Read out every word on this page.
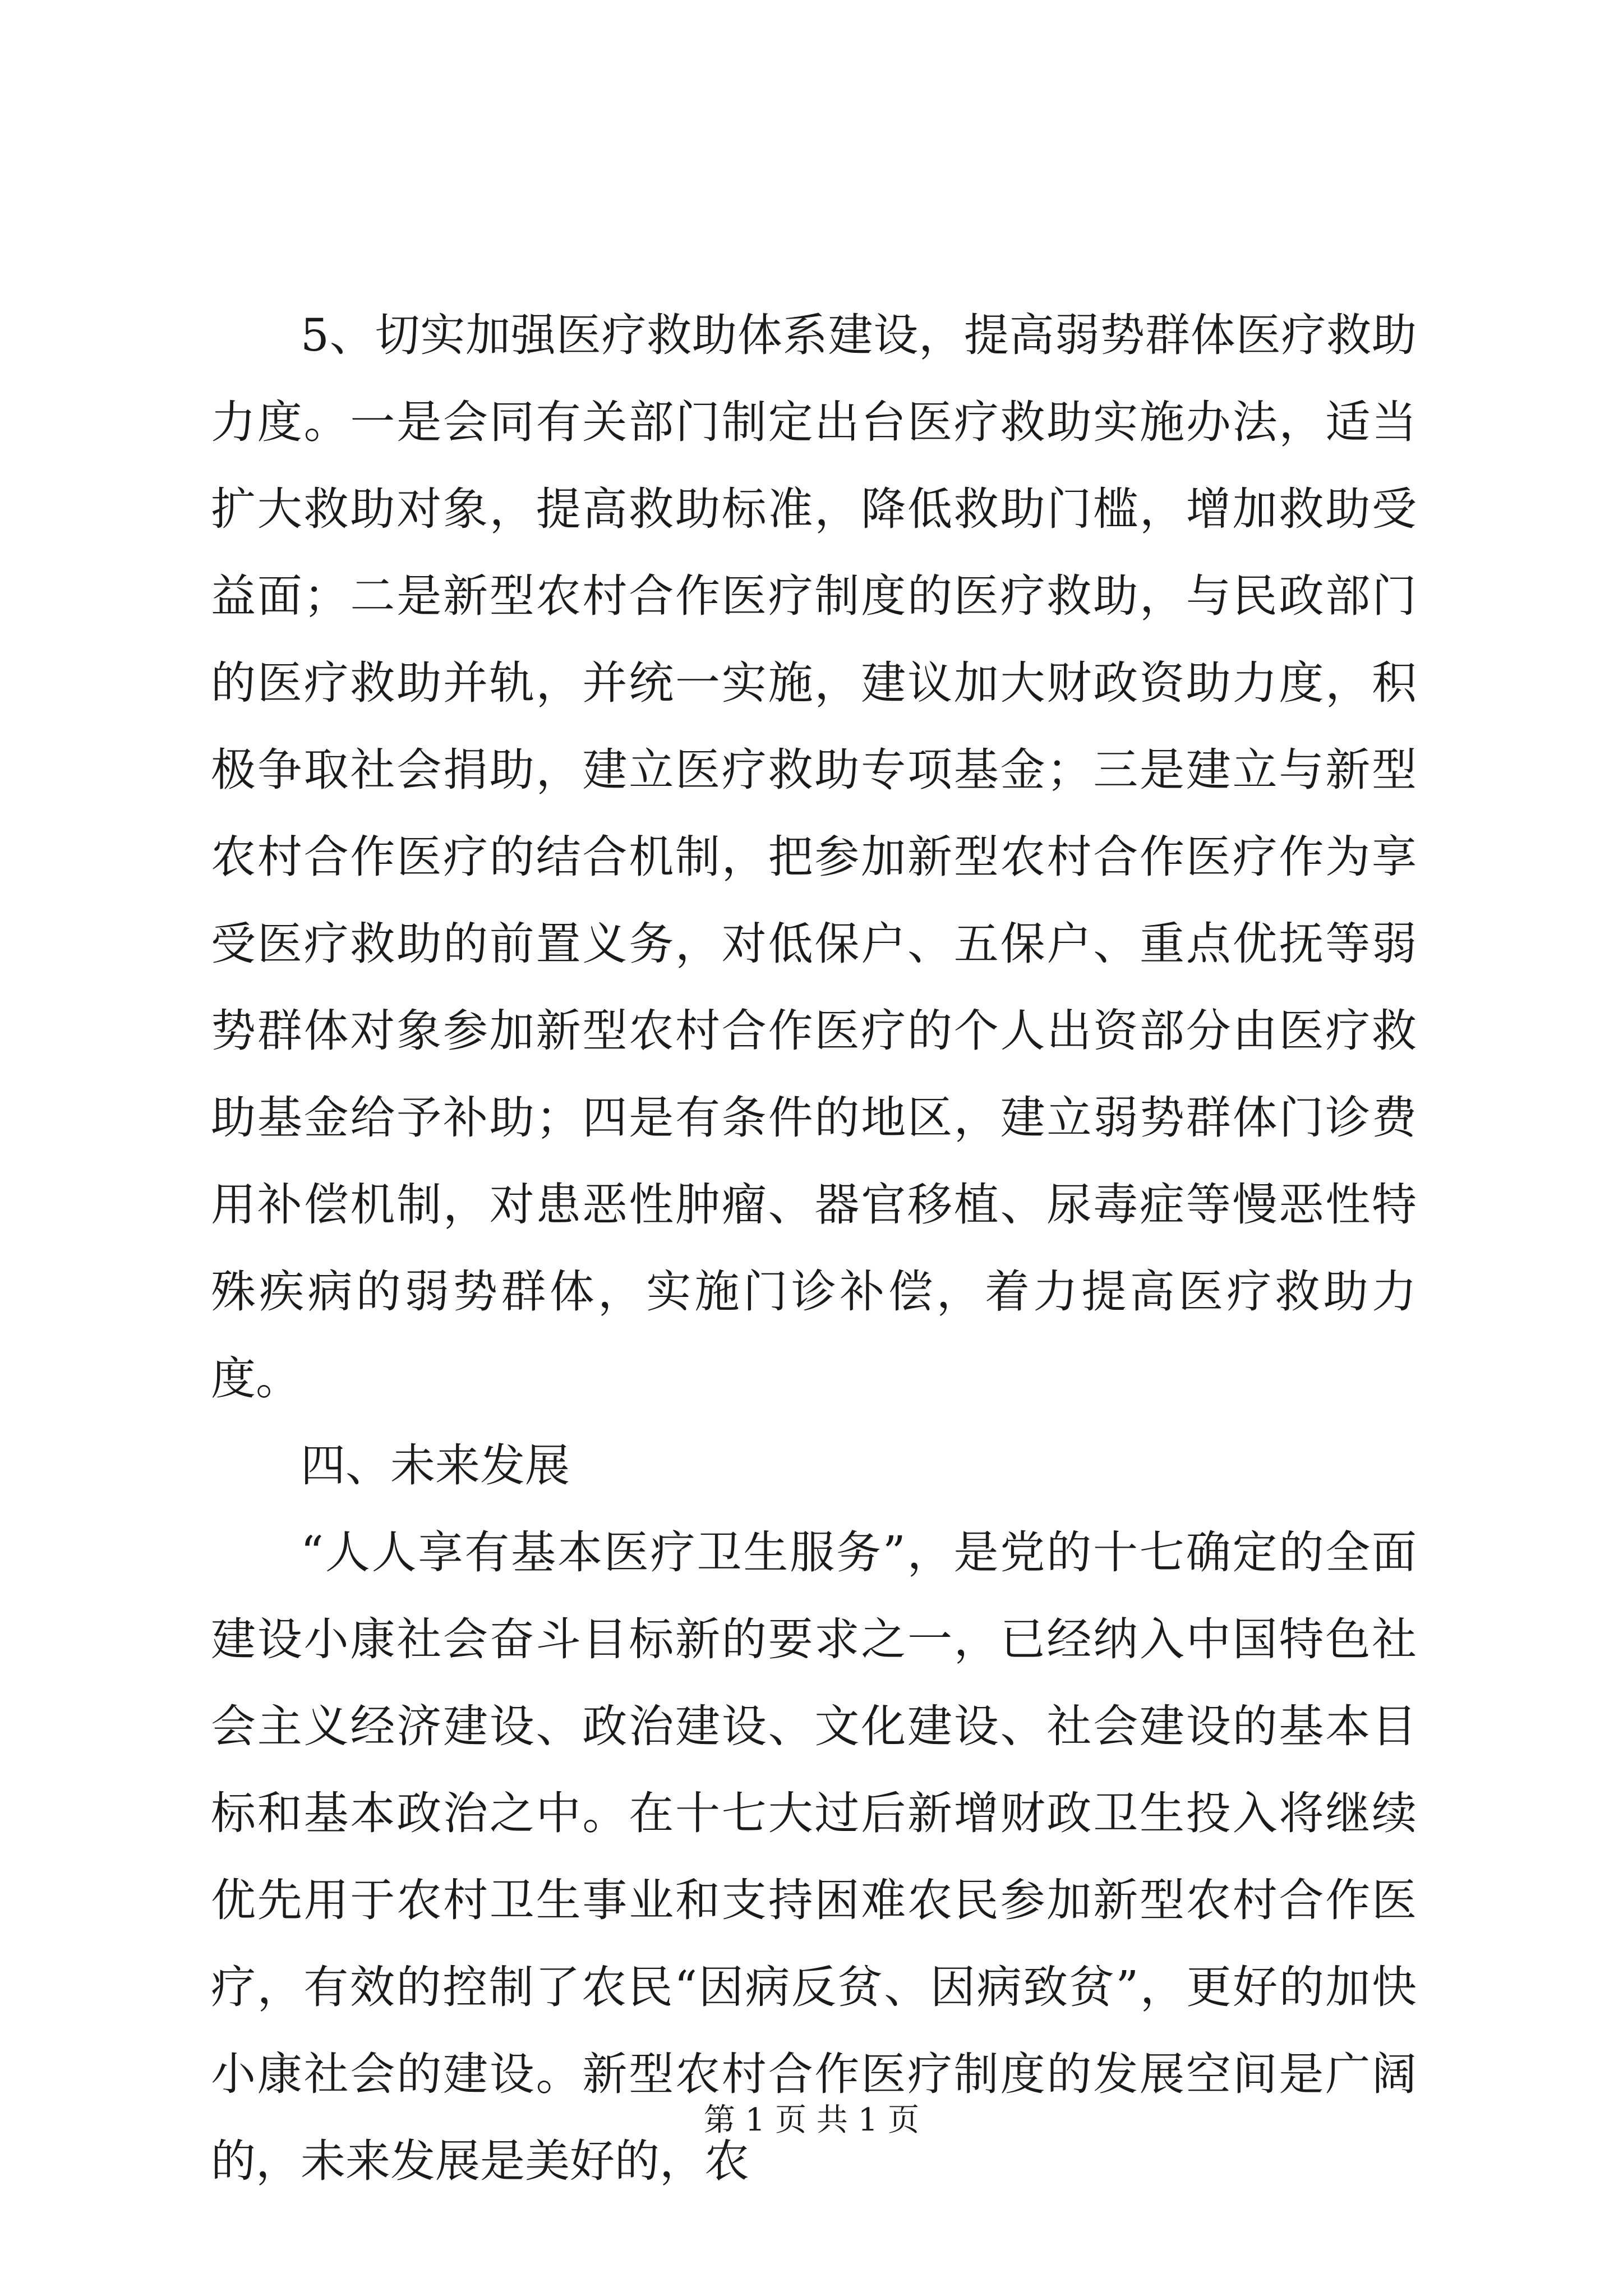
5、切实加强医疗救助体系建设，提高弱势群体医疗救助力度。一是会同有关部门制定出台医疗救助实施办法，适当扩大救助对象，提高救助标准，降低救助门槛，增加救助受益面；二是新型农村合作医疗制度的医疗救助，与民政部门的医疗救助并轨，并统一实施，建议加大财政资助力度，积极争取社会捐助，建立医疗救助专项基金；三是建立与新型农村合作医疗的结合机制，把参加新型农村合作医疗作为享受医疗救助的前置义务，对低保户、五保户、重点优抚等弱势群体对象参加新型农村合作医疗的个人出资部分由医疗救助基金给予补助；四是有条件的地区，建立弱势群体门诊费用补偿机制，对患恶性肿瘤、器官移植、尿毒症等慢恶性特殊疾病的弱势群体，实施门诊补偿，着力提高医疗救助力度。

四、未来发展

“人人享有基本医疗卫生服务”，是党的十七确定的全面建设小康社会奋斗目标新的要求之一，已经纳入中国特色社会主义经济建设、政治建设、文化建设、社会建设的基本目标和基本政治之中。在十七大过后新增财政卫生投入将继续优先用于农村卫生事业和支持困难农民参加新型农村合作医疗，有效的控制了农民“因病反贫、因病致贫”，更好的加快小康社会的建设。新型农村合作医疗制度的发展空间是广阔的，未来发展是美好的，农

第 1 页 共 1 页
